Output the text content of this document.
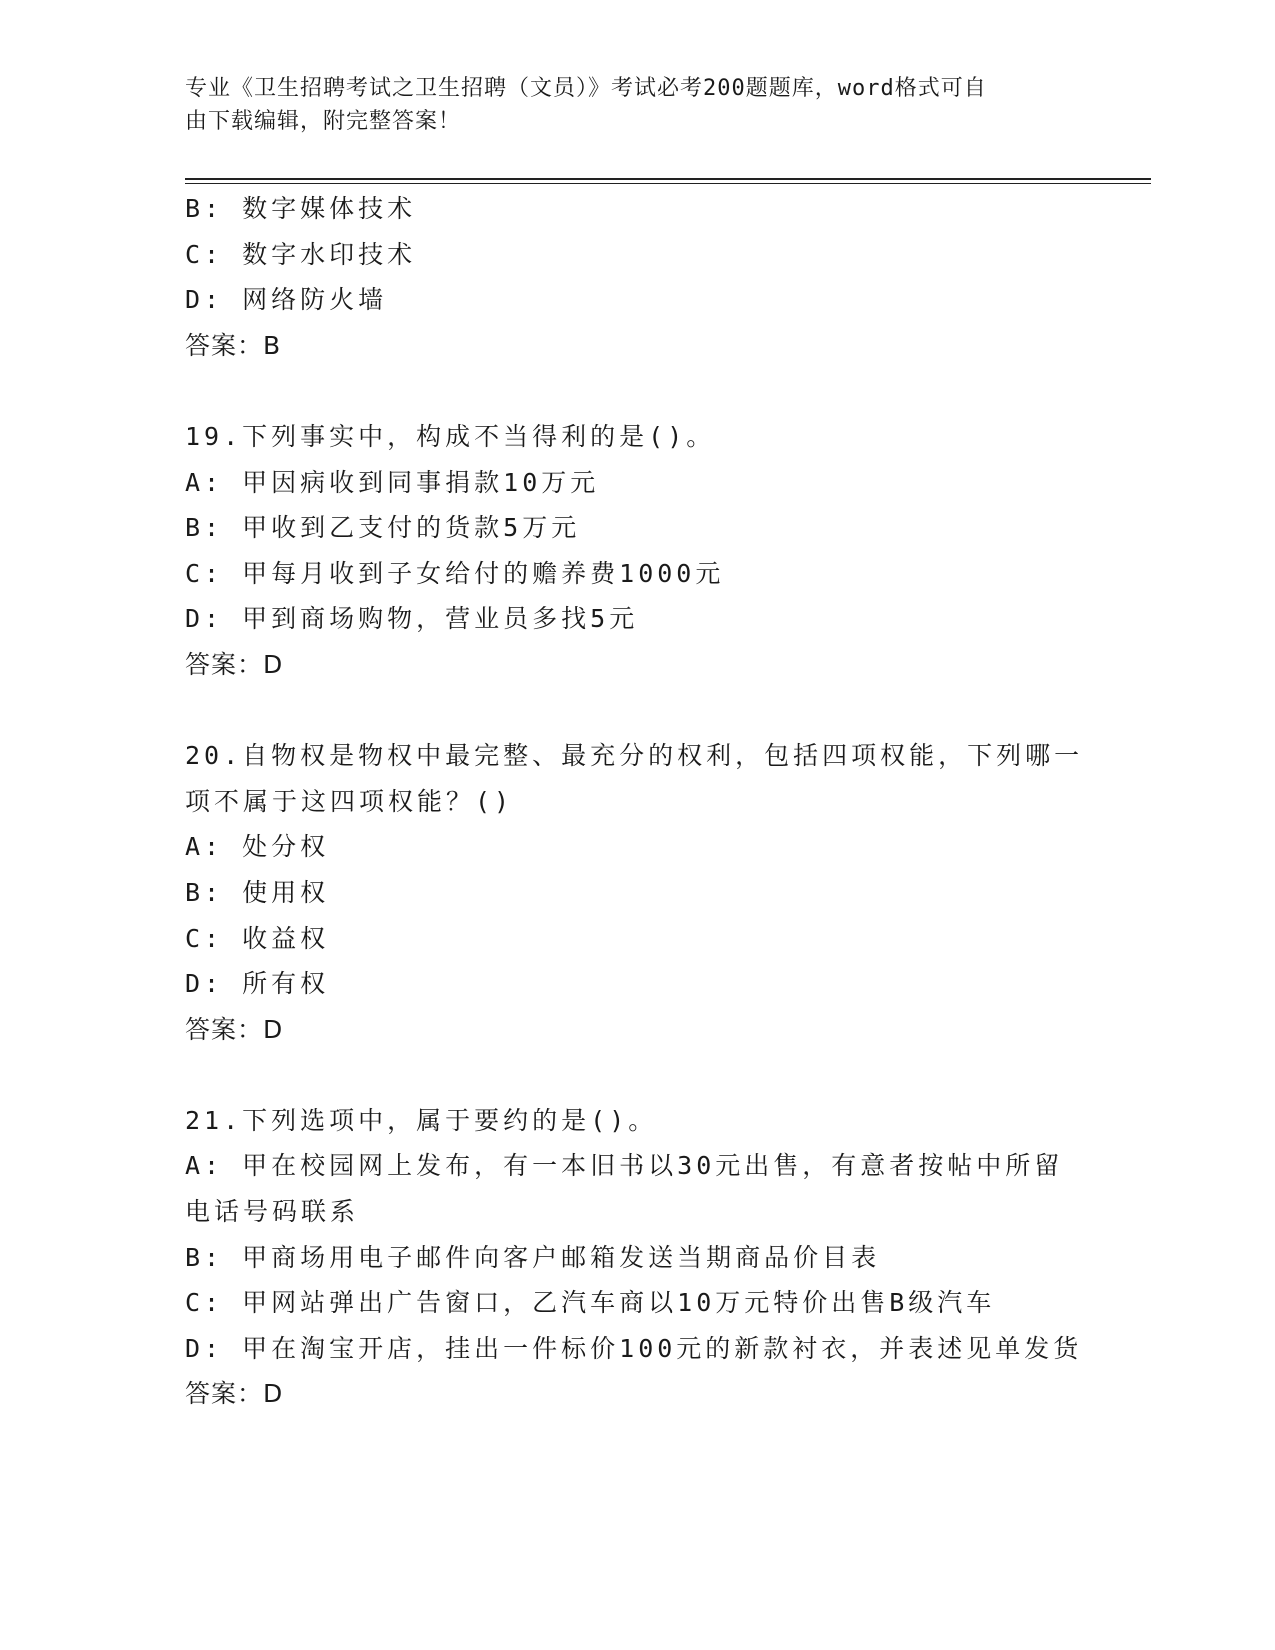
专业《卫生招聘考试之卫生招聘（文员）》考试必考200题题库，word格式可自
由下载编辑，附完整答案！
B: 数字媒体技术
C: 数字水印技术
D: 网络防火墙
答案：B
19.下列事实中，构成不当得利的是()。
A: 甲因病收到同事捐款10万元
B: 甲收到乙支付的货款5万元
C: 甲每月收到子女给付的赡养费1000元
D: 甲到商场购物，营业员多找5元
答案：D
20.自物权是物权中最完整、最充分的权利，包括四项权能，下列哪一
项不属于这四项权能？()
A: 处分权
B: 使用权
C: 收益权
D: 所有权
答案：D
21.下列选项中，属于要约的是()。
A: 甲在校园网上发布，有一本旧书以30元出售，有意者按帖中所留
电话号码联系
B: 甲商场用电子邮件向客户邮箱发送当期商品价目表
C: 甲网站弹出广告窗口，乙汽车商以10万元特价出售B级汽车
D: 甲在淘宝开店，挂出一件标价100元的新款衬衣，并表述见单发货
答案：D
